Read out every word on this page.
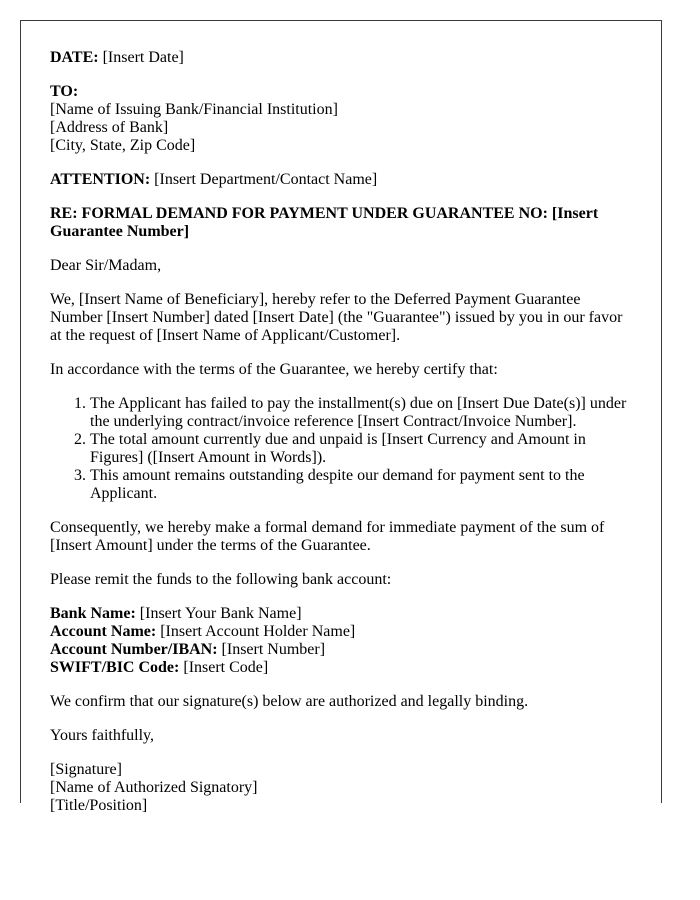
DATE: [Insert Date]

TO:
[Name of Issuing Bank/Financial Institution]
[Address of Bank]
[City, State, Zip Code]

ATTENTION: [Insert Department/Contact Name]

RE: FORMAL DEMAND FOR PAYMENT UNDER GUARANTEE NO: [Insert Guarantee Number]

Dear Sir/Madam,

We, [Insert Name of Beneficiary], hereby refer to the Deferred Payment Guarantee Number [Insert Number] dated [Insert Date] (the "Guarantee") issued by you in our favor at the request of [Insert Name of Applicant/Customer].

In accordance with the terms of the Guarantee, we hereby certify that:

1. The Applicant has failed to pay the installment(s) due on [Insert Due Date(s)] under the underlying contract/invoice reference [Insert Contract/Invoice Number].
2. The total amount currently due and unpaid is [Insert Currency and Amount in Figures] ([Insert Amount in Words]).
3. This amount remains outstanding despite our demand for payment sent to the Applicant.

Consequently, we hereby make a formal demand for immediate payment of the sum of [Insert Amount] under the terms of the Guarantee.

Please remit the funds to the following bank account:

Bank Name: [Insert Your Bank Name]
Account Name: [Insert Account Holder Name]
Account Number/IBAN: [Insert Number]
SWIFT/BIC Code: [Insert Code]

We confirm that our signature(s) below are authorized and legally binding.

Yours faithfully,

[Signature]
[Name of Authorized Signatory]
[Title/Position]
